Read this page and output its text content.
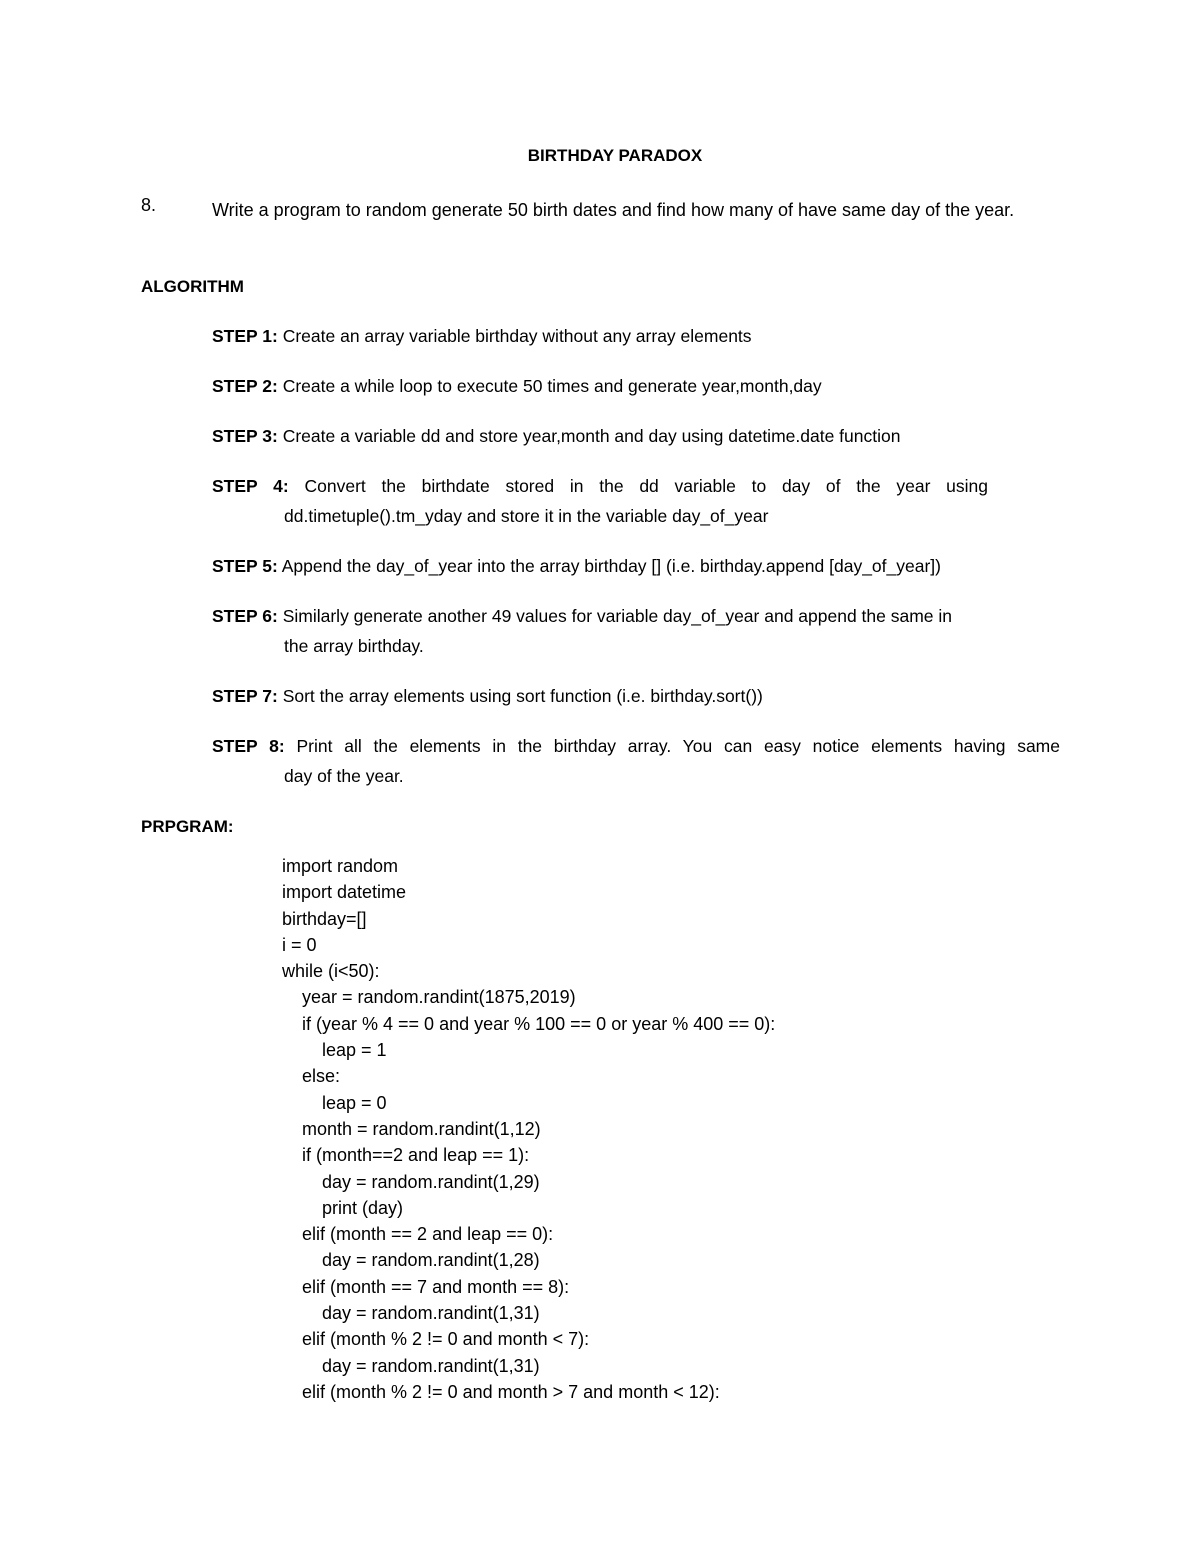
BIRTHDAY PARADOX
8.	Write a program to random generate 50 birth dates and find how many of have same day of the year.
ALGORITHM
STEP 1: Create an array variable birthday without any array elements
STEP 2: Create a while loop to execute 50 times and generate year,month,day
STEP 3: Create a variable dd and store year,month and day using datetime.date function
STEP 4: Convert the birthdate stored in the dd variable to day of the year using
dd.timetuple().tm_yday and store it in the variable day_of_year
STEP 5: Append the day_of_year into the array birthday [] (i.e. birthday.append [day_of_year])
STEP 6: Similarly generate another 49 values for variable day_of_year and append the same in
the array birthday.
STEP 7: Sort the array elements using sort function (i.e. birthday.sort())
STEP 8: Print all the elements in the birthday array. You can easy notice elements having same
day of the year.
PRPGRAM:
import random
import datetime
birthday=[]
i = 0
while (i<50):
year = random.randint(1875,2019)
if (year % 4 == 0 and year % 100 == 0 or year % 400 == 0):
leap = 1
else:
leap = 0
month = random.randint(1,12)
if (month==2 and leap == 1):
day = random.randint(1,29)
print (day)
elif (month == 2 and leap == 0):
day = random.randint(1,28)
elif (month == 7 and month == 8):
day = random.randint(1,31)
elif (month % 2 != 0 and month < 7):
day = random.randint(1,31)
elif (month % 2 != 0 and month > 7 and month < 12):
